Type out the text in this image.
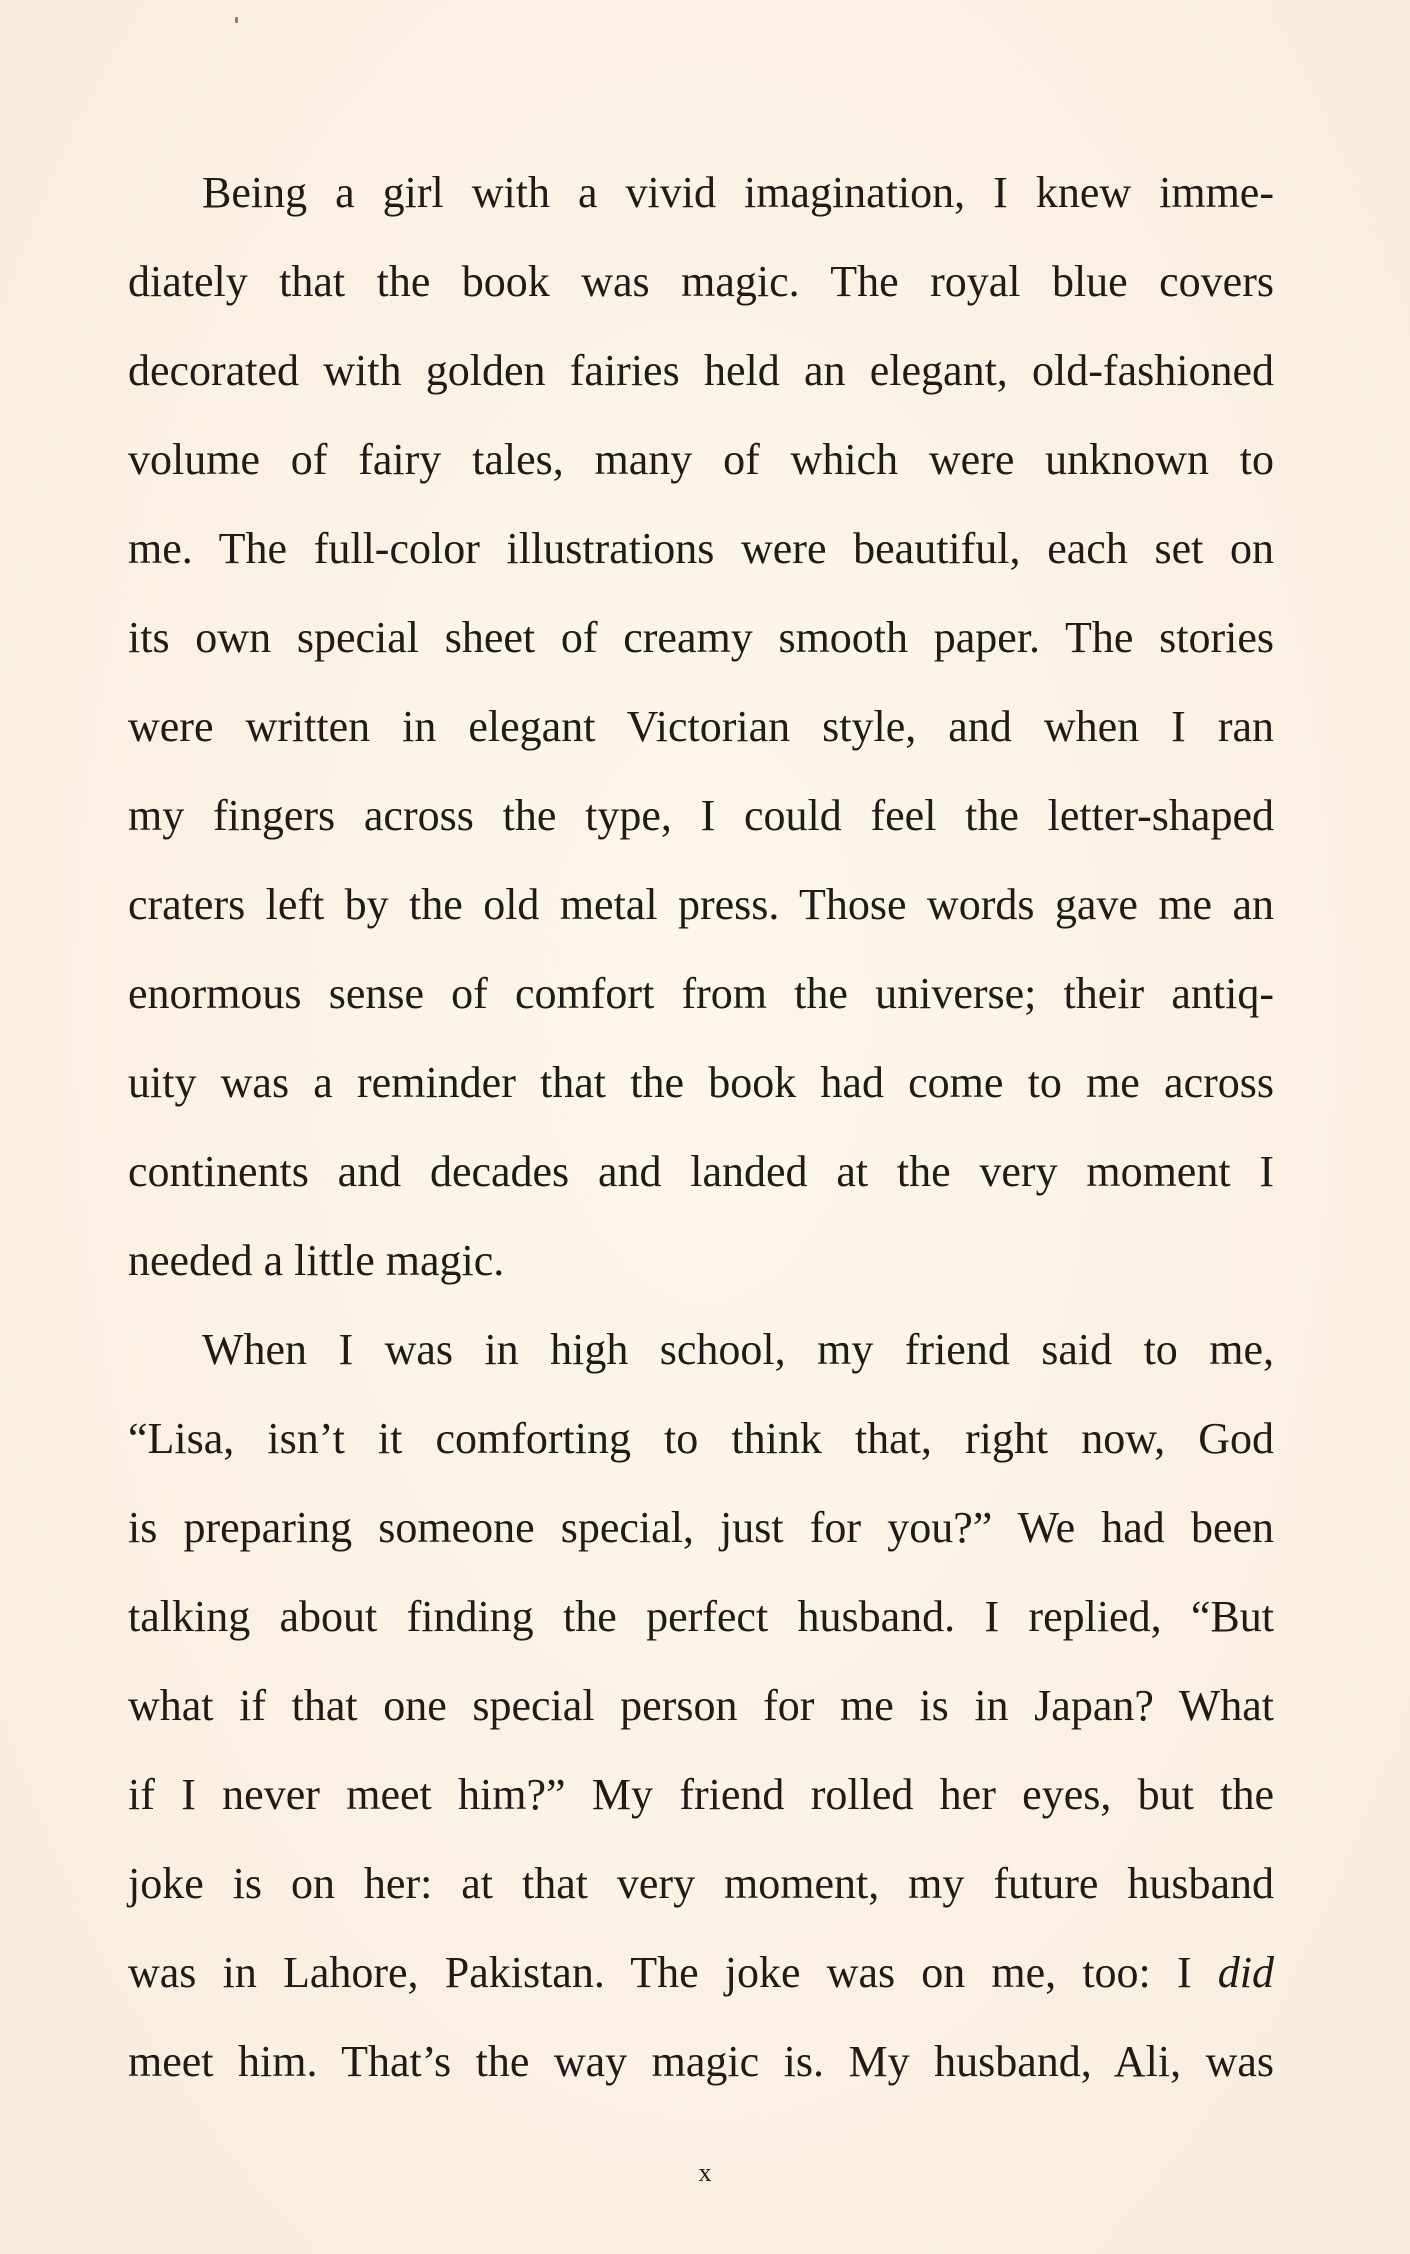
Being a girl with a vivid imagination, I knew imme-
diately that the book was magic. The royal blue covers
decorated with golden fairies held an elegant, old-fashioned
volume of fairy tales, many of which were unknown to
me. The full-color illustrations were beautiful, each set on
its own special sheet of creamy smooth paper. The stories
were written in elegant Victorian style, and when I ran
my fingers across the type, I could feel the letter-shaped
craters left by the old metal press. Those words gave me an
enormous sense of comfort from the universe; their antiq-
uity was a reminder that the book had come to me across
continents and decades and landed at the very moment I
needed a little magic.
When I was in high school, my friend said to me,
“Lisa, isn’t it comforting to think that, right now, God
is preparing someone special, just for you?” We had been
talking about finding the perfect husband. I replied, “But
what if that one special person for me is in Japan? What
if I never meet him?” My friend rolled her eyes, but the
joke is on her: at that very moment, my future husband
was in Lahore, Pakistan. The joke was on me, too: I did
meet him. That’s the way magic is. My husband, Ali, was
x
